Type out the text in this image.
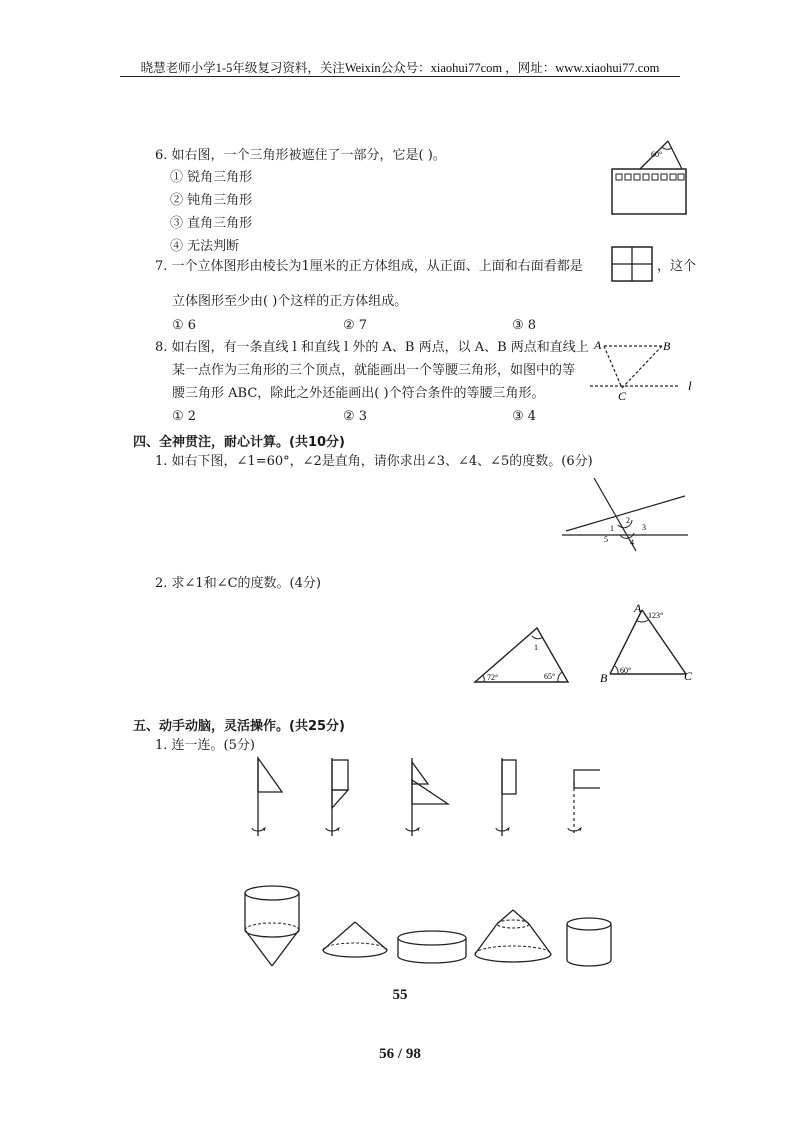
晓慧老师小学1-5年级复习资料，关注Weixin公众号：xiaohui77com ，网址：www.xiaohui77.com
6. 如右图，一个三角形被遮住了一部分，它是( )。
① 锐角三角形
② 钝角三角形
③ 直角三角形
④ 无法判断
60°
7. 一个立体图形由棱长为1厘米的正方体组成，从正面、上面和右面看都是	，这个
立体图形至少由( )个这样的正方体组成。
① 6	② 7	③ 8
8. 如右图，有一条直线 l 和直线 l 外的 A、B 两点，以 A、B 两点和直线上
某一点作为三角形的三个顶点，就能画出一个等腰三角形，如图中的等
腰三角形 ABC，除此之外还能画出( )个符合条件的等腰三角形。
① 2	② 3	③ 4
A	B
C
l
四、全神贯注，耐心计算。(共10分)
1. 如右下图，∠1=60°，∠2是直角，请你求出∠3、∠4、∠5的度数。(6分)
1
2
3
4
5
2. 求∠1和∠C的度数。(4分)
1
72°	65°
A
B	C
123°
60°
五、动手动脑，灵活操作。(共25分)
1. 连一连。(5分)
55
56 / 98
